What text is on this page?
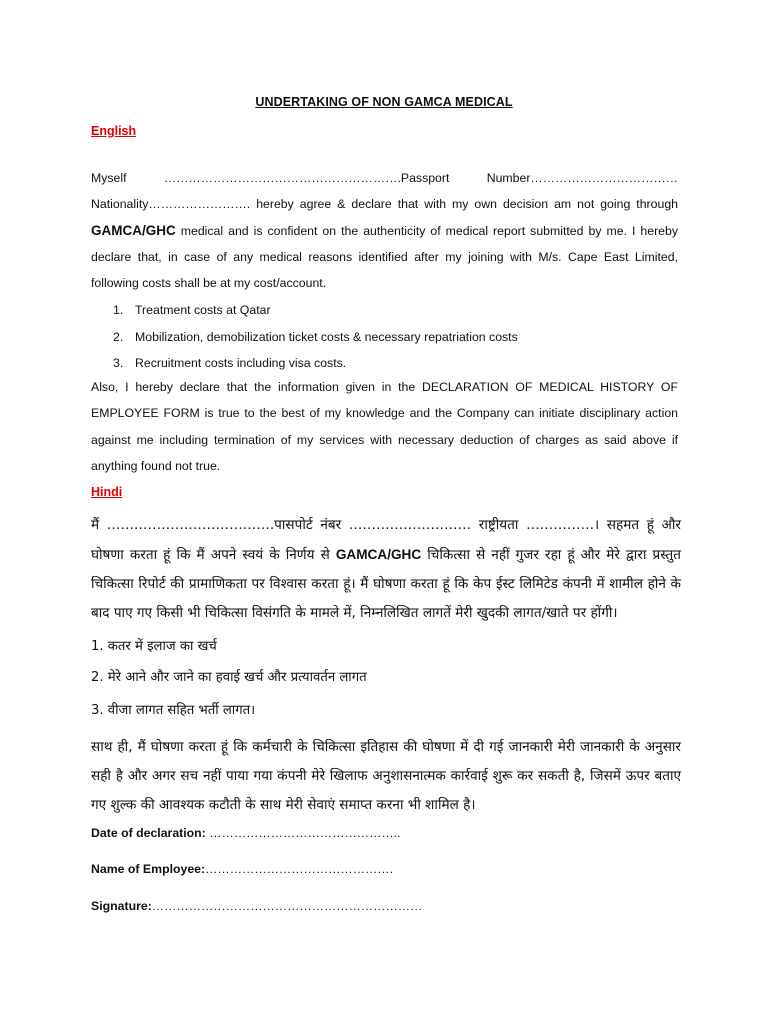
UNDERTAKING OF NON GAMCA MEDICAL
English
Myself ………………………………………………….Passport Number………………………………Nationality……………………. hereby agree & declare that with my own decision am not going through GAMCA/GHC medical and is confident on the authenticity of medical report submitted by me. I hereby declare that, in case of any medical reasons identified after my joining with M/s. Cape East Limited, following costs shall be at my cost/account.
1. Treatment costs at Qatar
2. Mobilization, demobilization ticket costs & necessary repatriation costs
3. Recruitment costs including visa costs.
Also, I hereby declare that the information given in the DECLARATION OF MEDICAL HISTORY OF EMPLOYEE FORM is true to the best of my knowledge and the Company can initiate disciplinary action against me including termination of my services with necessary deduction of charges as said above if anything found not true.
Hindi
मैं ……………………………….पासपोर्ट नंबर ……………………… राष्ट्रीयता ……………। सहमत हूं और घोषणा करता हूं कि मैं अपने स्वयं के निर्णय से GAMCA/GHC चिकित्सा से नहीं गुजर रहा हूं और मेरे द्वारा प्रस्तुत चिकित्सा रिपोर्ट की प्रामाणिकता पर विश्वास करता हूं। मैं घोषणा करता हूं कि केप ईस्ट लिमिटेड कंपनी में शामील होने के बाद पाए गए किसी भी चिकित्सा विसंगति के मामले में, निम्नलिखित लागतें मेरी खुदकी लागत/खाते पर होंगी।
1. कतर में इलाज का खर्च
2. मेरे आने और जाने का हवाई खर्च और प्रत्यावर्तन लागत
3. वीजा लागत सहित भर्ती लागत।
साथ ही, मैं घोषणा करता हूं कि कर्मचारी के चिकित्सा इतिहास की घोषणा में दी गई जानकारी मेरी जानकारी के अनुसार सही है और अगर सच नहीं पाया गया कंपनी मेरे खिलाफ अनुशासनात्मक कार्रवाई शुरू कर सकती है, जिसमें ऊपर बताए गए शुल्क की आवश्यक कटौती के साथ मेरी सेवाएं समाप्त करना भी शामिल है।
Date of declaration: ………………………………………..
Name of Employee:……………………………………….
Signature:…………………………………………………………
